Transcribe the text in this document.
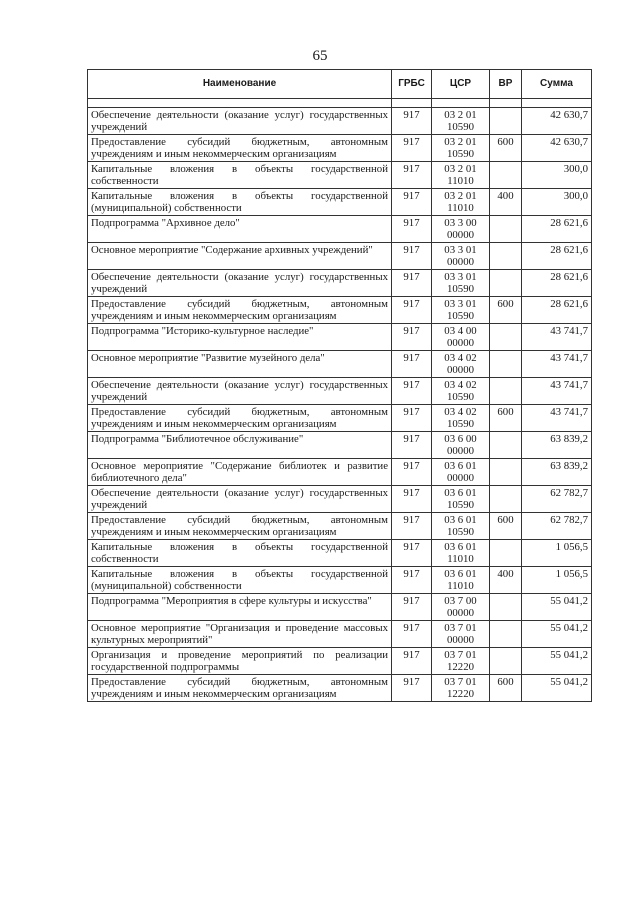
65
Наименование	ГРБС	ЦСР	ВР	Сумма

Обеспечение деятельности (оказание услуг) государственных учреждений	917	03 2 01 10590		42 630,7
Предоставление субсидий бюджетным, автономным учреждениям и иным некоммерческим организациям	917	03 2 01 10590	600	42 630,7
Капитальные вложения в объекты государственной собственности	917	03 2 01 11010		300,0
Капитальные вложения в объекты государственной (муниципальной) собственности	917	03 2 01 11010	400	300,0
Подпрограмма "Архивное дело"	917	03 3 00 00000		28 621,6
Основное мероприятие "Содержание архивных учреждений"	917	03 3 01 00000		28 621,6
Обеспечение деятельности (оказание услуг) государственных учреждений	917	03 3 01 10590		28 621,6
Предоставление субсидий бюджетным, автономным учреждениям и иным некоммерческим организациям	917	03 3 01 10590	600	28 621,6
Подпрограмма "Историко-культурное наследие"	917	03 4 00 00000		43 741,7
Основное мероприятие "Развитие музейного дела"	917	03 4 02 00000		43 741,7
Обеспечение деятельности (оказание услуг) государственных учреждений	917	03 4 02 10590		43 741,7
Предоставление субсидий бюджетным, автономным учреждениям и иным некоммерческим организациям	917	03 4 02 10590	600	43 741,7
Подпрограмма "Библиотечное обслуживание"	917	03 6 00 00000		63 839,2
Основное мероприятие "Содержание библиотек и развитие библиотечного дела"	917	03 6 01 00000		63 839,2
Обеспечение деятельности (оказание услуг) государственных учреждений	917	03 6 01 10590		62 782,7
Предоставление субсидий бюджетным, автономным учреждениям и иным некоммерческим организациям	917	03 6 01 10590	600	62 782,7
Капитальные вложения в объекты государственной собственности	917	03 6 01 11010		1 056,5
Капитальные вложения в объекты государственной (муниципальной) собственности	917	03 6 01 11010	400	1 056,5
Подпрограмма "Мероприятия в сфере культуры и искусства"	917	03 7 00 00000		55 041,2
Основное мероприятие "Организация и проведение массовых культурных мероприятий"	917	03 7 01 00000		55 041,2
Организация и проведение мероприятий по реализации государственной подпрограммы	917	03 7 01 12220		55 041,2
Предоставление субсидий бюджетным, автономным учреждениям и иным некоммерческим организациям	917	03 7 01 12220	600	55 041,2
